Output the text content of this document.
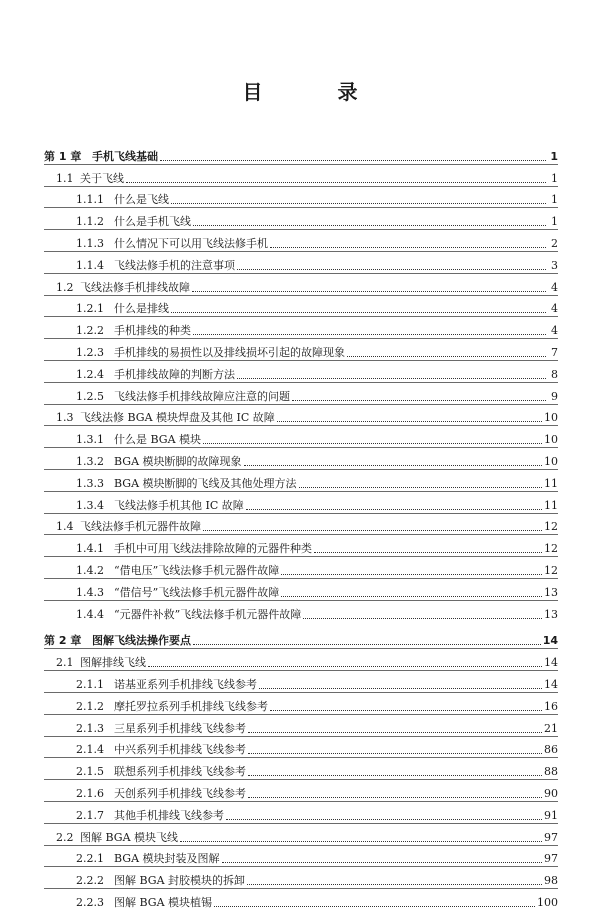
目 录
第 1 章 手机飞线基础	1
1.1 关于飞线	1
1.1.1 什么是飞线	1
1.1.2 什么是手机飞线	1
1.1.3 什么情况下可以用飞线法修手机	2
1.1.4 飞线法修手机的注意事项	3
1.2 飞线法修手机排线故障	4
1.2.1 什么是排线	4
1.2.2 手机排线的种类	4
1.2.3 手机排线的易损性以及排线损坏引起的故障现象	7
1.2.4 手机排线故障的判断方法	8
1.2.5 飞线法修手机排线故障应注意的问题	9
1.3 飞线法修 BGA 模块焊盘及其他 IC 故障	10
1.3.1 什么是 BGA 模块	10
1.3.2 BGA 模块断脚的故障现象	10
1.3.3 BGA 模块断脚的飞线及其他处理方法	11
1.3.4 飞线法修手机其他 IC 故障	11
1.4 飞线法修手机元器件故障	12
1.4.1 手机中可用飞线法排除故障的元器件种类	12
1.4.2 “借电压”飞线法修手机元器件故障	12
1.4.3 “借信号”飞线法修手机元器件故障	13
1.4.4 “元器件补救”飞线法修手机元器件故障	13
第 2 章 图解飞线法操作要点	14
2.1 图解排线飞线	14
2.1.1 诺基亚系列手机排线飞线参考	14
2.1.2 摩托罗拉系列手机排线飞线参考	16
2.1.3 三星系列手机排线飞线参考	21
2.1.4 中兴系列手机排线飞线参考	86
2.1.5 联想系列手机排线飞线参考	88
2.1.6 天创系列手机排线飞线参考	90
2.1.7 其他手机排线飞线参考	91
2.2 图解 BGA 模块飞线	97
2.2.1 BGA 模块封装及图解	97
2.2.2 图解 BGA 封胶模块的拆卸	98
2.2.3 图解 BGA 模块植锡	100
